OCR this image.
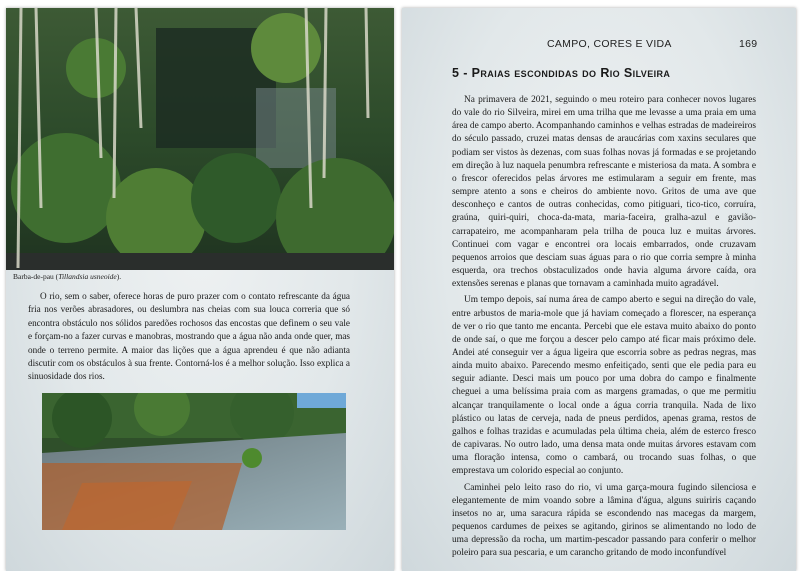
Barba-de-pau (Tillandsia usneoide).

O rio, sem o saber, oferece horas de puro prazer com o contato refrescante da água fria nos verões abrasadores, ou deslumbra nas cheias com sua louca correria que só encontra obstáculo nos sólidos paredões rochosos das encostas que definem o seu vale e forçam-no a fazer curvas e manobras, mostrando que a água não anda onde quer, mas onde o terreno permite. A maior das lições que a água aprendeu é que não adianta discutir com os obstáculos à sua frente. Contorná-los é a melhor solução. Isso explica a sinuosidade dos rios.

CAMPO, CORES E VIDA	169
5 - Praias escondidas do Rio Silveira

Na primavera de 2021, seguindo o meu roteiro para conhecer novos lugares do vale do rio Silveira, mirei em uma trilha que me levasse a uma praia em uma área de campo aberto. Acompanhando caminhos e velhas estradas de madeireiros do século passado, cruzei matas densas de araucárias com xaxins seculares que podiam ser vistos às dezenas, com suas folhas novas já formadas e se projetando em direção à luz naquela penumbra refrescante e misteriosa da mata. A sombra e o frescor oferecidos pelas árvores me estimularam a seguir em frente, mas sempre atento a sons e cheiros do ambiente novo. Gritos de uma ave que desconheço e cantos de outras conhecidas, como pitiguari, tico-tico, corruíra, graúna, quiri-quiri, choca-da-mata, maria-faceira, gralha-azul e gavião-carrapateiro, me acompanharam pela trilha de pouca luz e muitas árvores. Continuei com vagar e encontrei ora locais embarrados, onde cruzavam pequenos arroios que desciam suas águas para o rio que corria sempre à minha esquerda, ora trechos obstaculizados onde havia alguma árvore caída, ora extensões serenas e planas que tornavam a caminhada muito agradável.

Um tempo depois, saí numa área de campo aberto e segui na direção do vale, entre arbustos de maria-mole que já haviam começado a florescer, na esperança de ver o rio que tanto me encanta. Percebi que ele estava muito abaixo do ponto de onde saí, o que me forçou a descer pelo campo até ficar mais próximo dele. Andei até conseguir ver a água ligeira que escorria sobre as pedras negras, mas ainda muito abaixo. Parecendo mesmo enfeitiçado, senti que ele pedia para eu seguir adiante. Desci mais um pouco por uma dobra do campo e finalmente cheguei a uma belíssima praia com as margens gramadas, o que me permitiu alcançar tranquilamente o local onde a água corria tranquila. Nada de lixo plástico ou latas de cerveja, nada de pneus perdidos, apenas grama, restos de galhos e folhas trazidas e acumuladas pela última cheia, além de esterco fresco de capivaras. No outro lado, uma densa mata onde muitas árvores estavam com uma floração intensa, como o cambará, ou trocando suas folhas, o que emprestava um colorido especial ao conjunto.

Caminhei pelo leito raso do rio, vi uma garça-moura fugindo silenciosa e elegantemente de mim voando sobre a lâmina d'água, alguns suiriris caçando insetos no ar, uma saracura rápida se escondendo nas macegas da margem, pequenos cardumes de peixes se agitando, girinos se alimentando no lodo de uma depressão da rocha, um martim-pescador passando para conferir o melhor poleiro para sua pescaria, e um carancho gritando de modo inconfundível
